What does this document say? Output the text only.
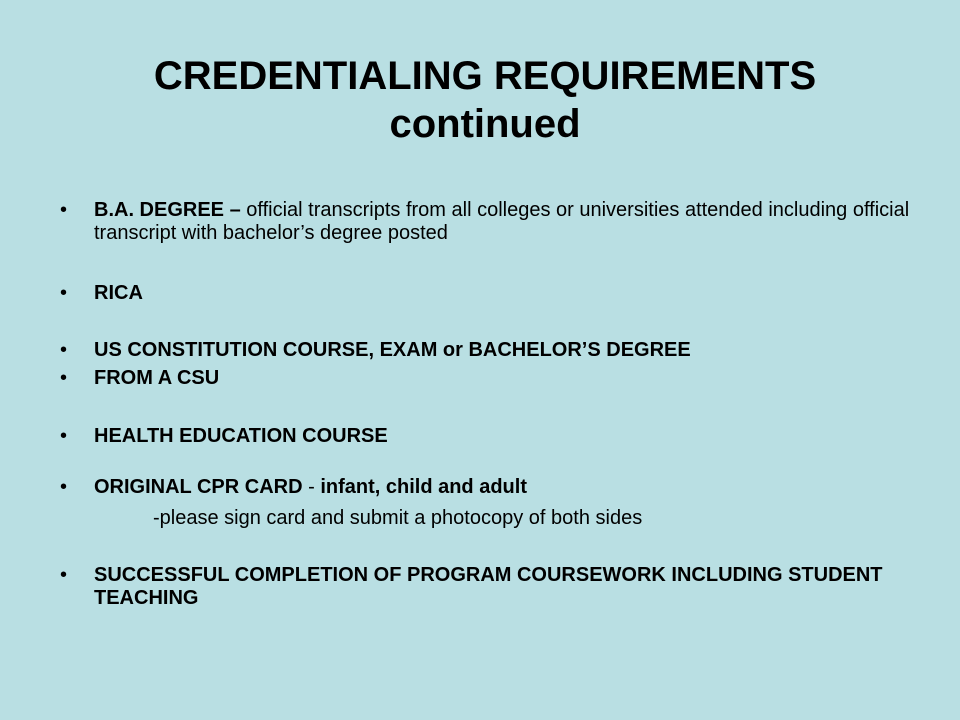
CREDENTIALING REQUIREMENTS
continued
•	B.A. DEGREE – official transcripts from all colleges or universities attended including official transcript with bachelor’s degree posted
•	RICA
•	US CONSTITUTION COURSE, EXAM or BACHELOR’S DEGREE
•	FROM A CSU
•	HEALTH EDUCATION COURSE
•	ORIGINAL CPR CARD - infant, child and adult
-please sign card and submit a photocopy of both sides
•	SUCCESSFUL COMPLETION OF PROGRAM COURSEWORK INCLUDING STUDENT TEACHING
